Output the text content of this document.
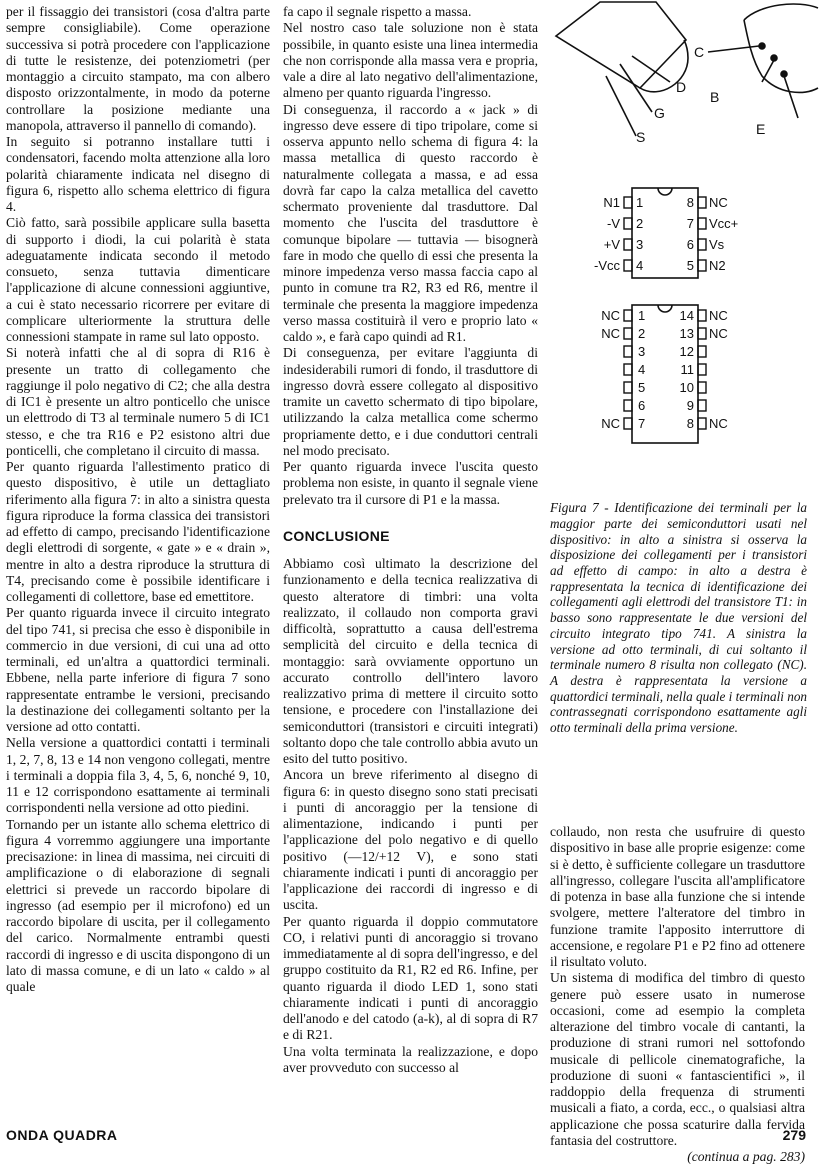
per il fissaggio dei transistori (cosa d'altra parte sempre consigliabile). Come operazione successiva si potrà procedere con l'applicazione di tutte le resistenze, dei potenziometri (per montaggio a circuito stampato, ma con albero disposto orizzontalmente, in modo da poterne controllare la posizione mediante una manopola, attraverso il pannello di comando).

In seguito si potranno installare tutti i condensatori, facendo molta attenzione alla loro polarità chiaramente indicata nel disegno di figura 6, rispetto allo schema elettrico di figura 4.

Ciò fatto, sarà possibile applicare sulla basetta di supporto i diodi, la cui polarità è stata adeguatamente indicata secondo il metodo consueto, senza tuttavia dimenticare l'applicazione di alcune connessioni aggiuntive, a cui è stato necessario ricorrere per evitare di complicare ulteriormente la struttura delle connessioni stampate in rame sul lato opposto.

Si noterà infatti che al di sopra di R16 è presente un tratto di collegamento che raggiunge il polo negativo di C2; che alla destra di IC1 è presente un altro ponticello che unisce un elettrodo di T3 al terminale numero 5 di IC1 stesso, e che tra R16 e P2 esistono altri due ponticelli, che completano il circuito di massa.

Per quanto riguarda l'allestimento pratico di questo dispositivo, è utile un dettagliato riferimento alla figura 7: in alto a sinistra questa figura riproduce la forma classica dei transistori ad effetto di campo, precisando l'identificazione degli elettrodi di sorgente, « gate » e « drain », mentre in alto a destra riproduce la struttura di T4, precisando come è possibile identificare i collegamenti di collettore, base ed emettitore.

Per quanto riguarda invece il circuito integrato del tipo 741, si precisa che esso è disponibile in commercio in due versioni, di cui una ad otto terminali, ed un'altra a quattordici terminali. Ebbene, nella parte inferiore di figura 7 sono rappresentate entrambe le versioni, precisando la destinazione dei collegamenti soltanto per la versione ad otto contatti.

Nella versione a quattordici contatti i terminali 1, 2, 7, 8, 13 e 14 non vengono collegati, mentre i terminali a doppia fila 3, 4, 5, 6, nonché 9, 10, 11 e 12 corrispondono esattamente ai terminali corrispondenti nella versione ad otto piedini.

Tornando per un istante allo schema elettrico di figura 4 vorremmo aggiungere una importante precisazione: in linea di massima, nei circuiti di amplificazione o di elaborazione di segnali elettrici si prevede un raccordo bipolare di ingresso (ad esempio per il microfono) ed un raccordo bipolare di uscita, per il collegamento del carico. Normalmente entrambi questi raccordi di ingresso e di uscita dispongono di un lato di massa comune, e di un lato « caldo » al quale

fa capo il segnale rispetto a massa.

Nel nostro caso tale soluzione non è stata possibile, in quanto esiste una linea intermedia che non corrisponde alla massa vera e propria, vale a dire al lato negativo dell'alimentazione, almeno per quanto riguarda l'ingresso.

Di conseguenza, il raccordo a « jack » di ingresso deve essere di tipo tripolare, come si osserva appunto nello schema di figura 4: la massa metallica di questo raccordo è naturalmente collegata a massa, e ad essa dovrà far capo la calza metallica del cavetto schermato proveniente dal trasduttore. Dal momento che l'uscita del trasduttore è comunque bipolare — tuttavia — bisognerà fare in modo che quello di essi che presenta la minore impedenza verso massa faccia capo al punto in comune tra R2, R3 ed R6, mentre il terminale che presenta la maggiore impedenza verso massa costituirà il vero e proprio lato « caldo », e farà capo quindi ad R1.

Di conseguenza, per evitare l'aggiunta di indesiderabili rumori di fondo, il trasduttore di ingresso dovrà essere collegato al dispositivo tramite un cavetto schermato di tipo bipolare, utilizzando la calza metallica come schermo propriamente detto, e i due conduttori centrali nel modo precisato.

Per quanto riguarda invece l'uscita questo problema non esiste, in quanto il segnale viene prelevato tra il cursore di P1 e la massa.

CONCLUSIONE

Abbiamo così ultimato la descrizione del funzionamento e della tecnica realizzativa di questo alteratore di timbri: una volta realizzato, il collaudo non comporta gravi difficoltà, soprattutto a causa dell'estrema semplicità del circuito e della tecnica di montaggio: sarà ovviamente opportuno un accurato controllo dell'intero lavoro realizzativo prima di mettere il circuito sotto tensione, e procedere con l'installazione dei semiconduttori (transistori e circuiti integrati) soltanto dopo che tale controllo abbia avuto un esito del tutto positivo.

Ancora un breve riferimento al disegno di figura 6: in questo disegno sono stati precisati i punti di ancoraggio per la tensione di alimentazione, indicando i punti per l'applicazione del polo negativo e di quello positivo (—12/+12 V), e sono stati chiaramente indicati i punti di ancoraggio per l'applicazione dei raccordi di ingresso e di uscita.

Per quanto riguarda il doppio commutatore CO, i relativi punti di ancoraggio si trovano immediatamente al di sopra dell'ingresso, e del gruppo costituito da R1, R2 ed R6. Infine, per quanto riguarda il diodo LED 1, sono stati chiaramente indicati i punti di ancoraggio dell'anodo e del catodo (a-k), al di sopra di R7 e di R21.

Una volta terminata la realizzazione, e dopo aver provveduto con successo al

D
G
S
C
B
E
N1
-V
+V
-Vcc
1
2
3
4
8
7
6
5
NC
Vcc+
Vs
N2
NC
NC
NC
1
2
3
4
5
6
7
14
13
12
11
10
9
8
NC
NC
NC

Figura 7 - Identificazione dei terminali per la maggior parte dei semiconduttori usati nel dispositivo: in alto a sinistra si osserva la disposizione dei collegamenti per i transistori ad effetto di campo: in alto a destra è rappresentata la tecnica di identificazione dei collegamenti agli elettrodi del transistore T1: in basso sono rappresentate le due versioni del circuito integrato tipo 741. A sinistra la versione ad otto terminali, di cui soltanto il terminale numero 8 risulta non collegato (NC). A destra è rappresentata la versione a quattordici terminali, nella quale i terminali non contrassegnati corrispondono esattamente agli otto terminali della prima versione.

collaudo, non resta che usufruire di questo dispositivo in base alle proprie esigenze: come si è detto, è sufficiente collegare un trasduttore all'ingresso, collegare l'uscita all'amplificatore di potenza in base alla funzione che si intende svolgere, mettere l'alteratore del timbro in funzione tramite l'apposito interruttore di accensione, e regolare P1 e P2 fino ad ottenere il risultato voluto.

Un sistema di modifica del timbro di questo genere può essere usato in numerose occasioni, come ad esempio la completa alterazione del timbro vocale di cantanti, la produzione di strani rumori nel sottofondo musicale di pellicole cinematografiche, la produzione di suoni « fantascientifici », il raddoppio della frequenza di strumenti musicali a fiato, a corda, ecc., o qualsiasi altra applicazione che possa scaturire dalla fervida fantasia del costruttore.

(continua a pag. 283)

ONDA QUADRA	279
